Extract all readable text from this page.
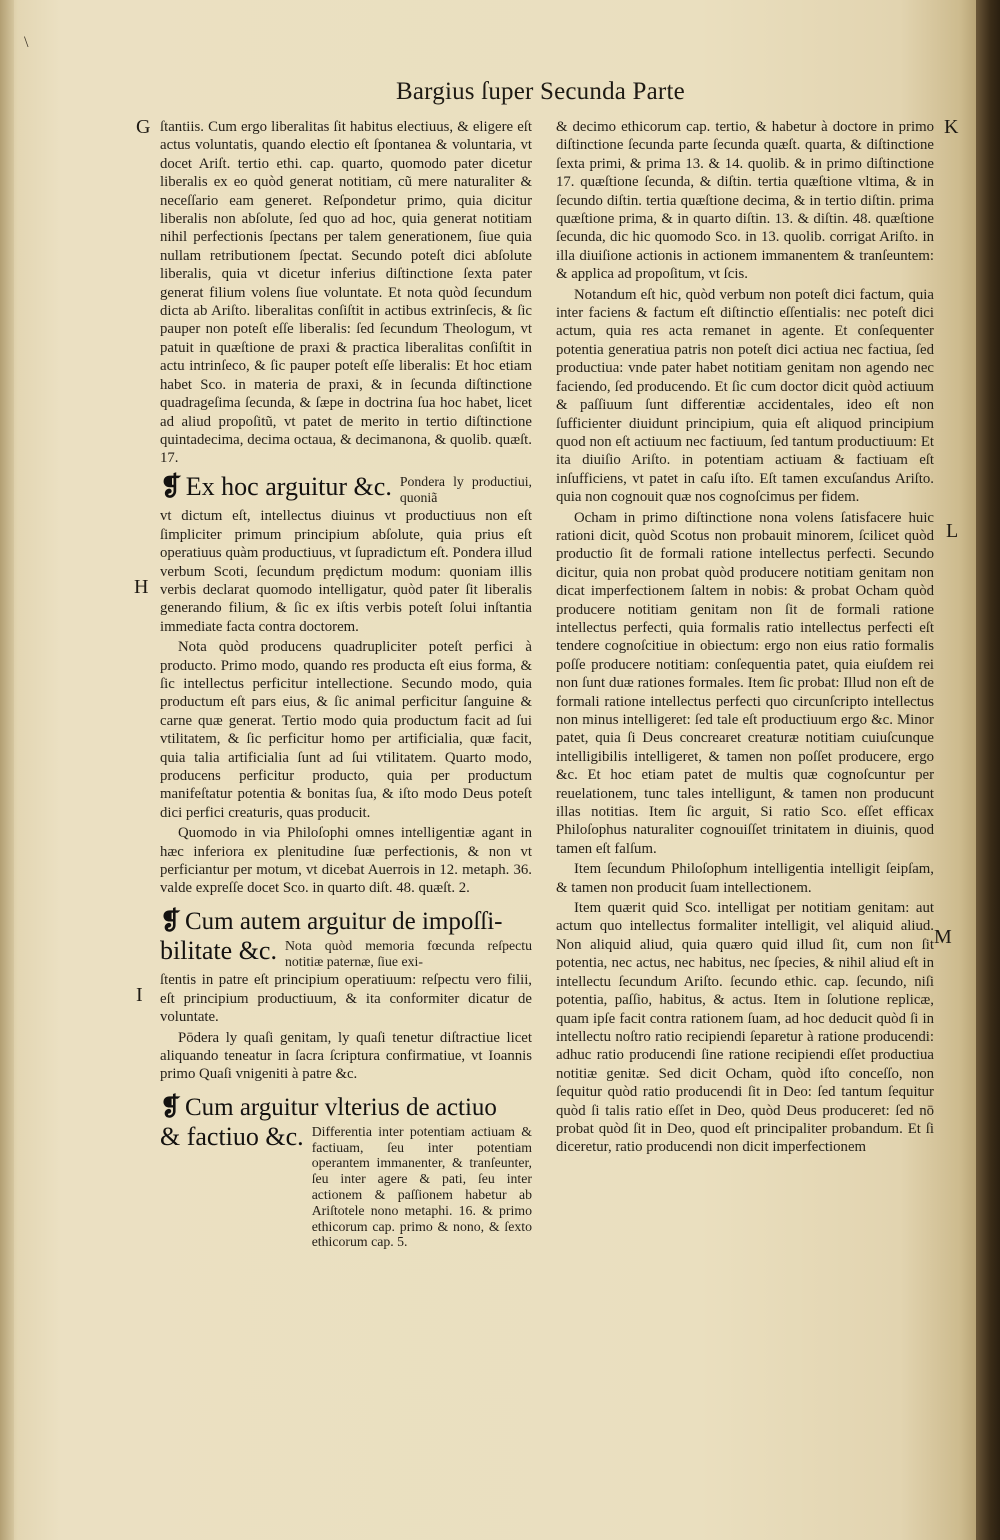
\
Bargius ſuper Secunda Parte
G
H
I
K
L
M

ſtantiis. Cum ergo liberalitas ſit habitus electiuus, & eligere eſt actus voluntatis, quando electio eſt ſpontanea & voluntaria, vt docet Ariſt. tertio ethi. cap. quarto, quomodo pater dicetur liberalis ex eo quòd generat notitiam, cũ mere naturaliter & neceſſario eam generet. Reſpondetur primo, quia dicitur liberalis non abſolute, ſed quo ad hoc, quia generat notitiam nihil perfectionis ſpectans per talem generationem, ſiue quia nullam retributionem ſpectat. Secundo poteſt dici abſolute liberalis, quia vt dicetur inferius diſtinctione ſexta pater generat filium volens ſiue voluntate. Et nota quòd ſecundum dicta ab Ariſto. liberalitas conſiſtit in actibus extrinſecis, & ſic pauper non poteſt eſſe liberalis: ſed ſecundum Theologum, vt patuit in quæſtione de praxi & practica liberalitas conſiſtit in actu intrinſeco, & ſic pauper poteſt eſſe liberalis: Et hoc etiam habet Sco. in materia de praxi, & in ſecunda diſtinctione quadrageſima ſecunda, & ſæpe in doctrina ſua hoc habet, licet ad aliud propoſitũ, vt patet de merito in tertio diſtinctione quintadecima, decima octaua, & decimanona, & quolib. quæſt. 17.

❡ Ex hoc arguitur &c. Pondera ly productiui, quoniã

vt dictum eſt, intellectus diuinus vt productiuus non eſt ſimpliciter primum principium abſolute, quia prius eſt operatiuus quàm productiuus, vt ſupradictum eſt. Pondera illud verbum Scoti, ſecundum prędictum modum: quoniam illis verbis declarat quomodo intelligatur, quòd pater ſit liberalis generando filium, & ſic ex iſtis verbis poteſt ſolui inſtantia immediate facta contra doctorem.

Nota quòd producens quadrupliciter poteſt perfici à producto. Primo modo, quando res producta eſt eius forma, & ſic intellectus perficitur intellectione. Secundo modo, quia productum eſt pars eius, & ſic animal perficitur ſanguine & carne quæ generat. Tertio modo quia productum facit ad ſui vtilitatem, & ſic perficitur homo per artificialia, quæ facit, quia talia artificialia ſunt ad ſui vtilitatem. Quarto modo, producens perficitur producto, quia per productum manifeſtatur potentia & bonitas ſua, & iſto modo Deus poteſt dici perfici creaturis, quas producit.

Quomodo in via Philoſophi omnes intelligentiæ agant in hæc inferiora ex plenitudine ſuæ perfectionis, & non vt perficiantur per motum, vt dicebat Auerrois in 12. metaph. 36. valde expreſſe docet Sco. in quarto diſt. 48. quæſt. 2.

❡ Cum autem arguitur de impoſſi-
bilitate &c. Nota quòd memoria fœcunda reſpectu notitiæ paternæ, ſiue exi-

ſtentis in patre eſt principium operatiuum: reſpectu vero filii, eſt principium productiuum, & ita conformiter dicatur de voluntate.

Pōdera ly quaſi genitam, ly quaſi tenetur diſtractiue licet aliquando teneatur in ſacra ſcriptura confirmatiue, vt Ioannis primo Quaſi vnigeniti à patre &c.

❡ Cum arguitur vlterius de actiuo
& factiuo &c. Differentia inter potentiam actiuam & factiuam, ſeu inter potentiam operantem immanenter, & tranſeunter, ſeu inter agere & pati, ſeu inter actionem & paſſionem habetur ab Ariſtotele nono metaphi. 16. & primo ethicorum cap. primo & nono, & ſexto ethicorum cap. 5.

& decimo ethicorum cap. tertio, & habetur à doctore in primo diſtinctione ſecunda parte ſecunda quæſt. quarta, & diſtinctione ſexta primi, & prima 13. & 14. quolib. & in primo diſtinctione 17. quæſtione ſecunda, & diſtin. tertia quæſtione vltima, & in ſecundo diſtin. tertia quæſtione decima, & in tertio diſtin. prima quæſtione prima, & in quarto diſtin. 13. & diſtin. 48. quæſtione ſecunda, dic hic quomodo Sco. in 13. quolib. corrigat Ariſto. in illa diuiſione actionis in actionem immanentem & tranſeuntem: & applica ad propoſitum, vt ſcis.

Notandum eſt hic, quòd verbum non poteſt dici factum, quia inter faciens & factum eſt diſtinctio eſſentialis: nec poteſt dici actum, quia res acta remanet in agente. Et conſequenter potentia generatiua patris non poteſt dici actiua nec factiua, ſed productiua: vnde pater habet notitiam genitam non agendo nec faciendo, ſed producendo. Et ſic cum doctor dicit quòd actiuum & paſſiuum ſunt differentiæ accidentales, ideo eſt non ſufficienter diuidunt principium, quia eſt aliquod principium quod non eſt actiuum nec factiuum, ſed tantum productiuum: Et ita diuiſio Ariſto. in potentiam actiuam & factiuam eſt inſufficiens, vt patet in caſu iſto. Eſt tamen excuſandus Ariſto. quia non cognouit quæ nos cognoſcimus per fidem.

Ocham in primo diſtinctione nona volens ſatisfacere huic rationi dicit, quòd Scotus non probauit minorem, ſcilicet quòd productio ſit de formali ratione intellectus perfecti. Secundo dicitur, quia non probat quòd producere notitiam genitam non dicat imperfectionem ſaltem in nobis: & probat Ocham quòd producere notitiam genitam non ſit de formali ratione intellectus perfecti, quia formalis ratio intellectus perfecti eſt tendere cognoſcitiue in obiectum: ergo non eius ratio formalis poſſe producere notitiam: conſequentia patet, quia eiuſdem rei non ſunt duæ rationes formales. Item ſic probat: Illud non eſt de formali ratione intellectus perfecti quo circunſcripto intellectus non minus intelligeret: ſed tale eſt productiuum ergo &c. Minor patet, quia ſi Deus concrearet creaturæ notitiam cuiuſcunque intelligibilis intelligeret, & tamen non poſſet producere, ergo &c. Et hoc etiam patet de multis quæ cognoſcuntur per reuelationem, tunc tales intelligunt, & tamen non producunt illas notitias. Item ſic arguit, Si ratio Sco. eſſet efficax Philoſophus naturaliter cognouiſſet trinitatem in diuinis, quod tamen eſt falſum.

Item ſecundum Philoſophum intelligentia intelligit ſeipſam, & tamen non producit ſuam intellectionem.

Item quærit quid Sco. intelligat per notitiam genitam: aut actum quo intellectus formaliter intelligit, vel aliquid aliud. Non aliquid aliud, quia quæro quid illud ſit, cum non ſit potentia, nec actus, nec habitus, nec ſpecies, & nihil aliud eſt in intellectu ſecundum Ariſto. ſecundo ethic. cap. ſecundo, niſi potentia, paſſio, habitus, & actus. Item in ſolutione replicæ, quam ipſe facit contra rationem ſuam, ad hoc deducit quòd ſi in intellectu noſtro ratio recipiendi ſeparetur à ratione producendi: adhuc ratio producendi ſine ratione recipiendi eſſet productiua notitiæ genitæ. Sed dicit Ocham, quòd iſto conceſſo, non ſequitur quòd ratio producendi ſit in Deo: ſed tantum ſequitur quòd ſi talis ratio eſſet in Deo, quòd Deus produceret: ſed nō probat quòd ſit in Deo, quod eſt principaliter probandum. Et ſi diceretur, ratio producendi non dicit imperfectionem
